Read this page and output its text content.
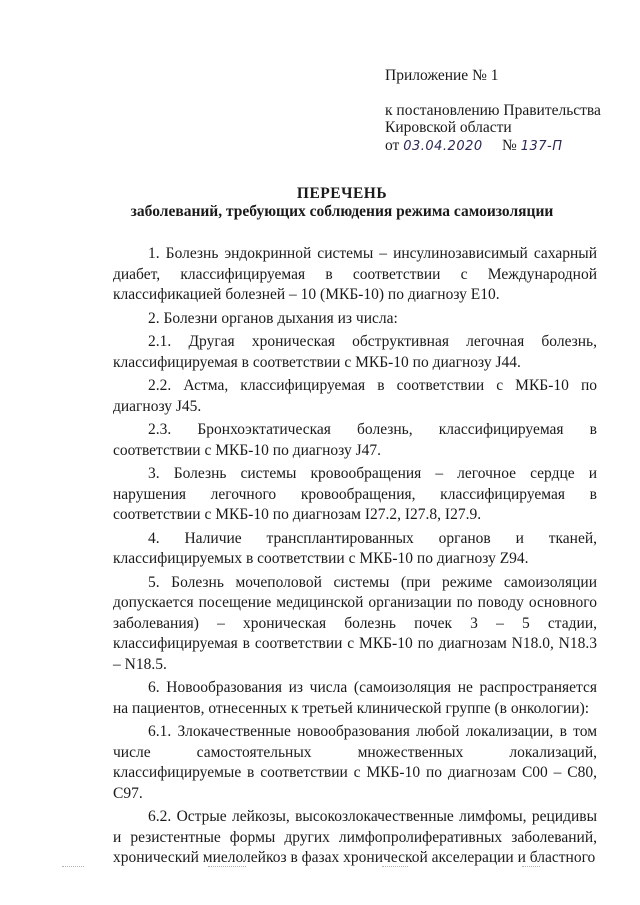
Приложение № 1
к постановлению Правительства
Кировской области
от 03.04.2020 № 137-П
ПЕРЕЧЕНЬ
заболеваний, требующих соблюдения режима самоизоляции

1. Болезнь эндокринной системы – инсулинозависимый сахарный диабет, классифицируемая в соответствии с Международной классификацией болезней – 10 (МКБ-10) по диагнозу E10.

2. Болезни органов дыхания из числа:

2.1. Другая хроническая обструктивная легочная болезнь, классифицируемая в соответствии с МКБ-10 по диагнозу J44.

2.2. Астма, классифицируемая в соответствии с МКБ-10 по диагнозу J45.

2.3. Бронхоэктатическая болезнь, классифицируемая в соответствии с МКБ-10 по диагнозу J47.

3. Болезнь системы кровообращения – легочное сердце и нарушения легочного кровообращения, классифицируемая в соответствии с МКБ-10 по диагнозам I27.2, I27.8, I27.9.

4. Наличие трансплантированных органов и тканей, классифицируемых в соответствии с МКБ-10 по диагнозу Z94.

5. Болезнь мочеполовой системы (при режиме самоизоляции допускается посещение медицинской организации по поводу основного заболевания) – хроническая болезнь почек 3 – 5 стадии, классифицируемая в соответствии с МКБ-10 по диагнозам N18.0, N18.3 – N18.5.

6. Новообразования из числа (самоизоляция не распространяется на пациентов, отнесенных к третьей клинической группе (в онкологии):

6.1. Злокачественные новообразования любой локализации, в том числе самостоятельных множественных локализаций, классифицируемые в соответствии с МКБ-10 по диагнозам C00 – C80, C97.

6.2. Острые лейкозы, высокозлокачественные лимфомы, рецидивы и резистентные формы других лимфопролиферативных заболеваний, хронический миелолейкоз в фазах хронической акселерации и бластного
